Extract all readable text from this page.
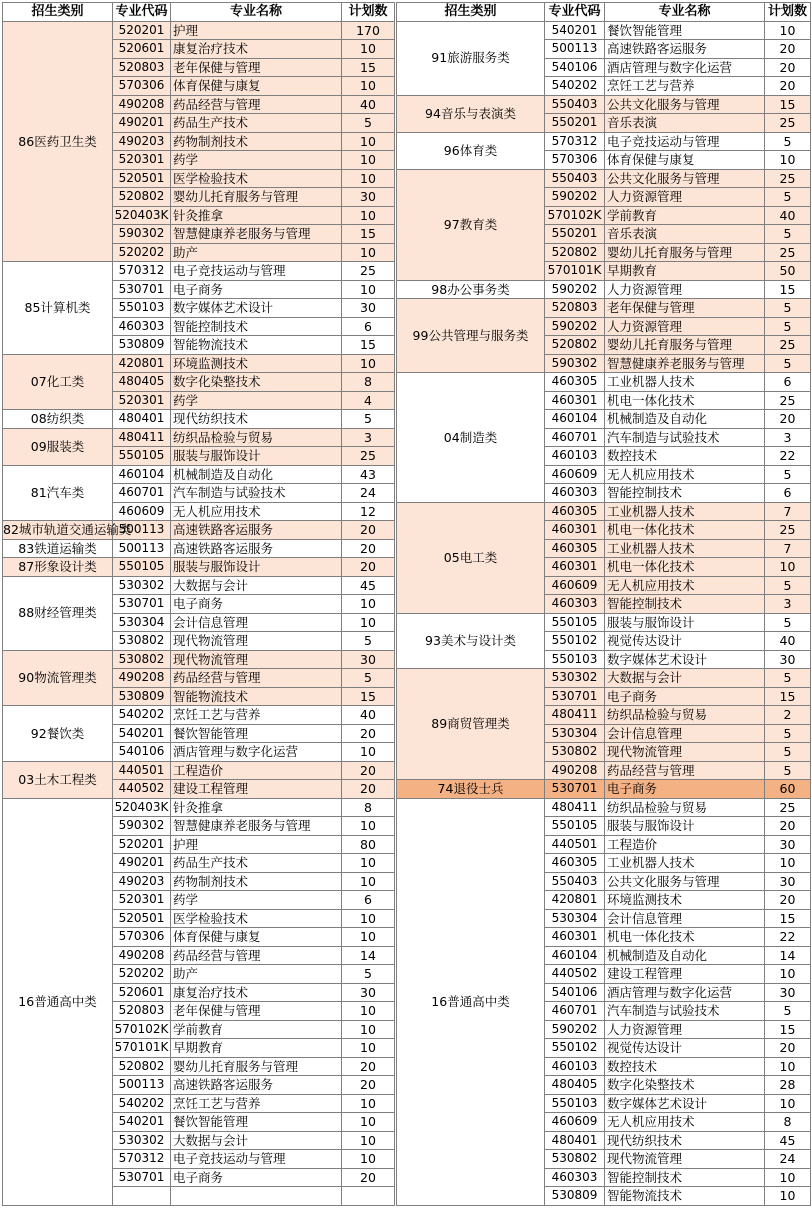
招生类别	专业代码	专业名称	计划数
86医药卫生类	520201	护理	170
	520601	康复治疗技术	10
	520803	老年保健与管理	15
	570306	体育保健与康复	10
	490208	药品经营与管理	40
	490201	药品生产技术	5
	490203	药物制剂技术	10
	520301	药学	10
	520501	医学检验技术	10
	520802	婴幼儿托育服务与管理	30
	520403K	针灸推拿	10
	590302	智慧健康养老服务与管理	15
	520202	助产	10
85计算机类	570312	电子竞技运动与管理	25
	530701	电子商务	10
	550103	数字媒体艺术设计	30
	460303	智能控制技术	6
	530809	智能物流技术	15
07化工类	420801	环境监测技术	10
	480405	数字化染整技术	8
	520301	药学	4
08纺织类	480401	现代纺织技术	5
09服装类	480411	纺织品检验与贸易	3
	550105	服装与服饰设计	25
81汽车类	460104	机械制造及自动化	43
	460701	汽车制造与试验技术	24
	460609	无人机应用技术	12
82城市轨道交通运输类	500113	高速铁路客运服务	20
83铁道运输类	500113	高速铁路客运服务	20
87形象设计类	550105	服装与服饰设计	20
88财经管理类	530302	大数据与会计	45
	530701	电子商务	10
	530304	会计信息管理	10
	530802	现代物流管理	5
90物流管理类	530802	现代物流管理	30
	490208	药品经营与管理	5
	530809	智能物流技术	15
92餐饮类	540202	烹饪工艺与营养	40
	540201	餐饮智能管理	20
	540106	酒店管理与数字化运营	10
03土木工程类	440501	工程造价	20
	440502	建设工程管理	20
16普通高中类	520403K	针灸推拿	8
	590302	智慧健康养老服务与管理	10
	520201	护理	80
	490201	药品生产技术	10
	490203	药物制剂技术	10
	520301	药学	6
	520501	医学检验技术	10
	570306	体育保健与康复	10
	490208	药品经营与管理	14
	520202	助产	5
	520601	康复治疗技术	30
	520803	老年保健与管理	10
	570102K	学前教育	10
	570101K	早期教育	10
	520802	婴幼儿托育服务与管理	20
	500113	高速铁路客运服务	20
	540202	烹饪工艺与营养	10
	540201	餐饮智能管理	10
	530302	大数据与会计	10
	570312	电子竞技运动与管理	10
	530701	电子商务	20

招生类别	专业代码	专业名称	计划数
91旅游服务类	540201	餐饮智能管理	10
	500113	高速铁路客运服务	20
	540106	酒店管理与数字化运营	20
	540202	烹饪工艺与营养	20
94音乐与表演类	550403	公共文化服务与管理	15
	550201	音乐表演	25
96体育类	570312	电子竞技运动与管理	5
	570306	体育保健与康复	10
97教育类	550403	公共文化服务与管理	25
	590202	人力资源管理	5
	570102K	学前教育	40
	550201	音乐表演	5
	520802	婴幼儿托育服务与管理	25
	570101K	早期教育	50
98办公事务类	590202	人力资源管理	15
99公共管理与服务类	520803	老年保健与管理	5
	590202	人力资源管理	5
	520802	婴幼儿托育服务与管理	25
	590302	智慧健康养老服务与管理	5
04制造类	460305	工业机器人技术	6
	460301	机电一体化技术	25
	460104	机械制造及自动化	20
	460701	汽车制造与试验技术	3
	460103	数控技术	22
	460609	无人机应用技术	5
	460303	智能控制技术	6
05电工类	460305	工业机器人技术	7
	460301	机电一体化技术	25
	460305	工业机器人技术	7
	460301	机电一体化技术	10
	460609	无人机应用技术	5
	460303	智能控制技术	3
93美术与设计类	550105	服装与服饰设计	5
	550102	视觉传达设计	40
	550103	数字媒体艺术设计	30
89商贸管理类	530302	大数据与会计	5
	530701	电子商务	15
	480411	纺织品检验与贸易	2
	530304	会计信息管理	5
	530802	现代物流管理	5
	490208	药品经营与管理	5
74退役士兵	530701	电子商务	60
16普通高中类	480411	纺织品检验与贸易	25
	550105	服装与服饰设计	20
	440501	工程造价	30
	460305	工业机器人技术	10
	550403	公共文化服务与管理	30
	420801	环境监测技术	20
	530304	会计信息管理	15
	460301	机电一体化技术	22
	460104	机械制造及自动化	14
	440502	建设工程管理	10
	540106	酒店管理与数字化运营	30
	460701	汽车制造与试验技术	5
	590202	人力资源管理	15
	550102	视觉传达设计	20
	460103	数控技术	10
	480405	数字化染整技术	28
	550103	数字媒体艺术设计	10
	460609	无人机应用技术	8
	480401	现代纺织技术	45
	530802	现代物流管理	24
	460303	智能控制技术	10
	530809	智能物流技术	10
